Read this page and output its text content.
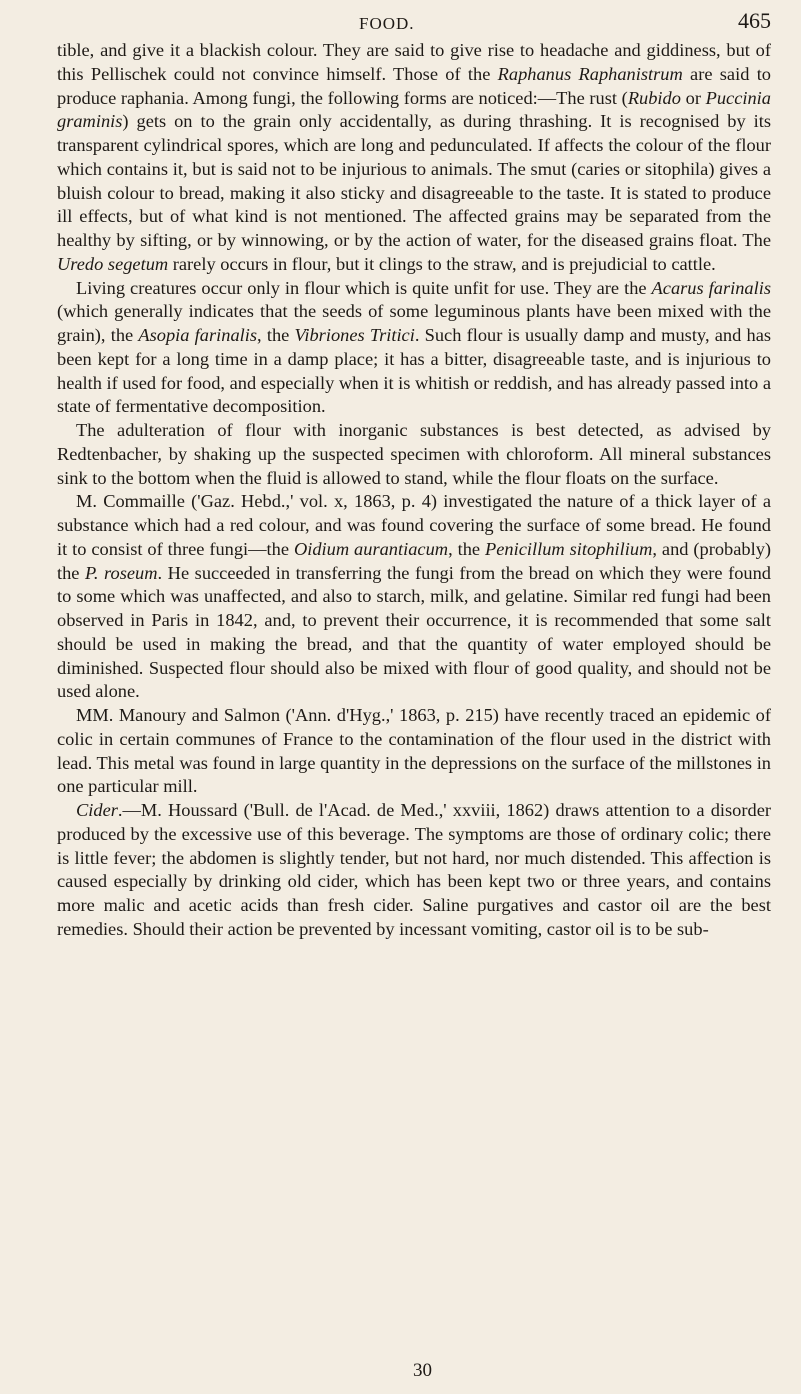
FOOD.	465

tible, and give it a blackish colour. They are said to give rise to headache and giddiness, but of this Pellischek could not convince himself. Those of the Raphanus Raphanistrum are said to produce raphania. Among fungi, the following forms are noticed:—The rust (Rubido or Puccinia graminis) gets on to the grain only accidentally, as during thrashing. It is recognised by its transparent cylindrical spores, which are long and pedunculated. If affects the colour of the flour which contains it, but is said not to be injurious to animals. The smut (caries or sitophila) gives a bluish colour to bread, making it also sticky and disagreeable to the taste. It is stated to produce ill effects, but of what kind is not mentioned. The affected grains may be separated from the healthy by sifting, or by winnowing, or by the action of water, for the diseased grains float. The Uredo segetum rarely occurs in flour, but it clings to the straw, and is prejudicial to cattle.

Living creatures occur only in flour which is quite unfit for use. They are the Acarus farinalis (which generally indicates that the seeds of some leguminous plants have been mixed with the grain), the Asopia farinalis, the Vibriones Tritici. Such flour is usually damp and musty, and has been kept for a long time in a damp place; it has a bitter, disagreeable taste, and is injurious to health if used for food, and especially when it is whitish or reddish, and has already passed into a state of fermentative decomposition.

The adulteration of flour with inorganic substances is best detected, as advised by Redtenbacher, by shaking up the suspected specimen with chloroform. All mineral substances sink to the bottom when the fluid is allowed to stand, while the flour floats on the surface.

M. Commaille ('Gaz. Hebd.,' vol. x, 1863, p. 4) investigated the nature of a thick layer of a substance which had a red colour, and was found covering the surface of some bread. He found it to consist of three fungi—the Oidium aurantiacum, the Penicillum sitophilium, and (probably) the P. roseum. He succeeded in transferring the fungi from the bread on which they were found to some which was unaffected, and also to starch, milk, and gelatine. Similar red fungi had been observed in Paris in 1842, and, to prevent their occurrence, it is recommended that some salt should be used in making the bread, and that the quantity of water employed should be diminished. Suspected flour should also be mixed with flour of good quality, and should not be used alone.

MM. Manoury and Salmon ('Ann. d'Hyg.,' 1863, p. 215) have recently traced an epidemic of colic in certain communes of France to the contamination of the flour used in the district with lead. This metal was found in large quantity in the depressions on the surface of the millstones in one particular mill.

Cider.—M. Houssard ('Bull. de l'Acad. de Med.,' xxviii, 1862) draws attention to a disorder produced by the excessive use of this beverage. The symptoms are those of ordinary colic; there is little fever; the abdomen is slightly tender, but not hard, nor much distended. This affection is caused especially by drinking old cider, which has been kept two or three years, and contains more malic and acetic acids than fresh cider. Saline purgatives and castor oil are the best remedies. Should their action be prevented by incessant vomiting, castor oil is to be sub-

30
